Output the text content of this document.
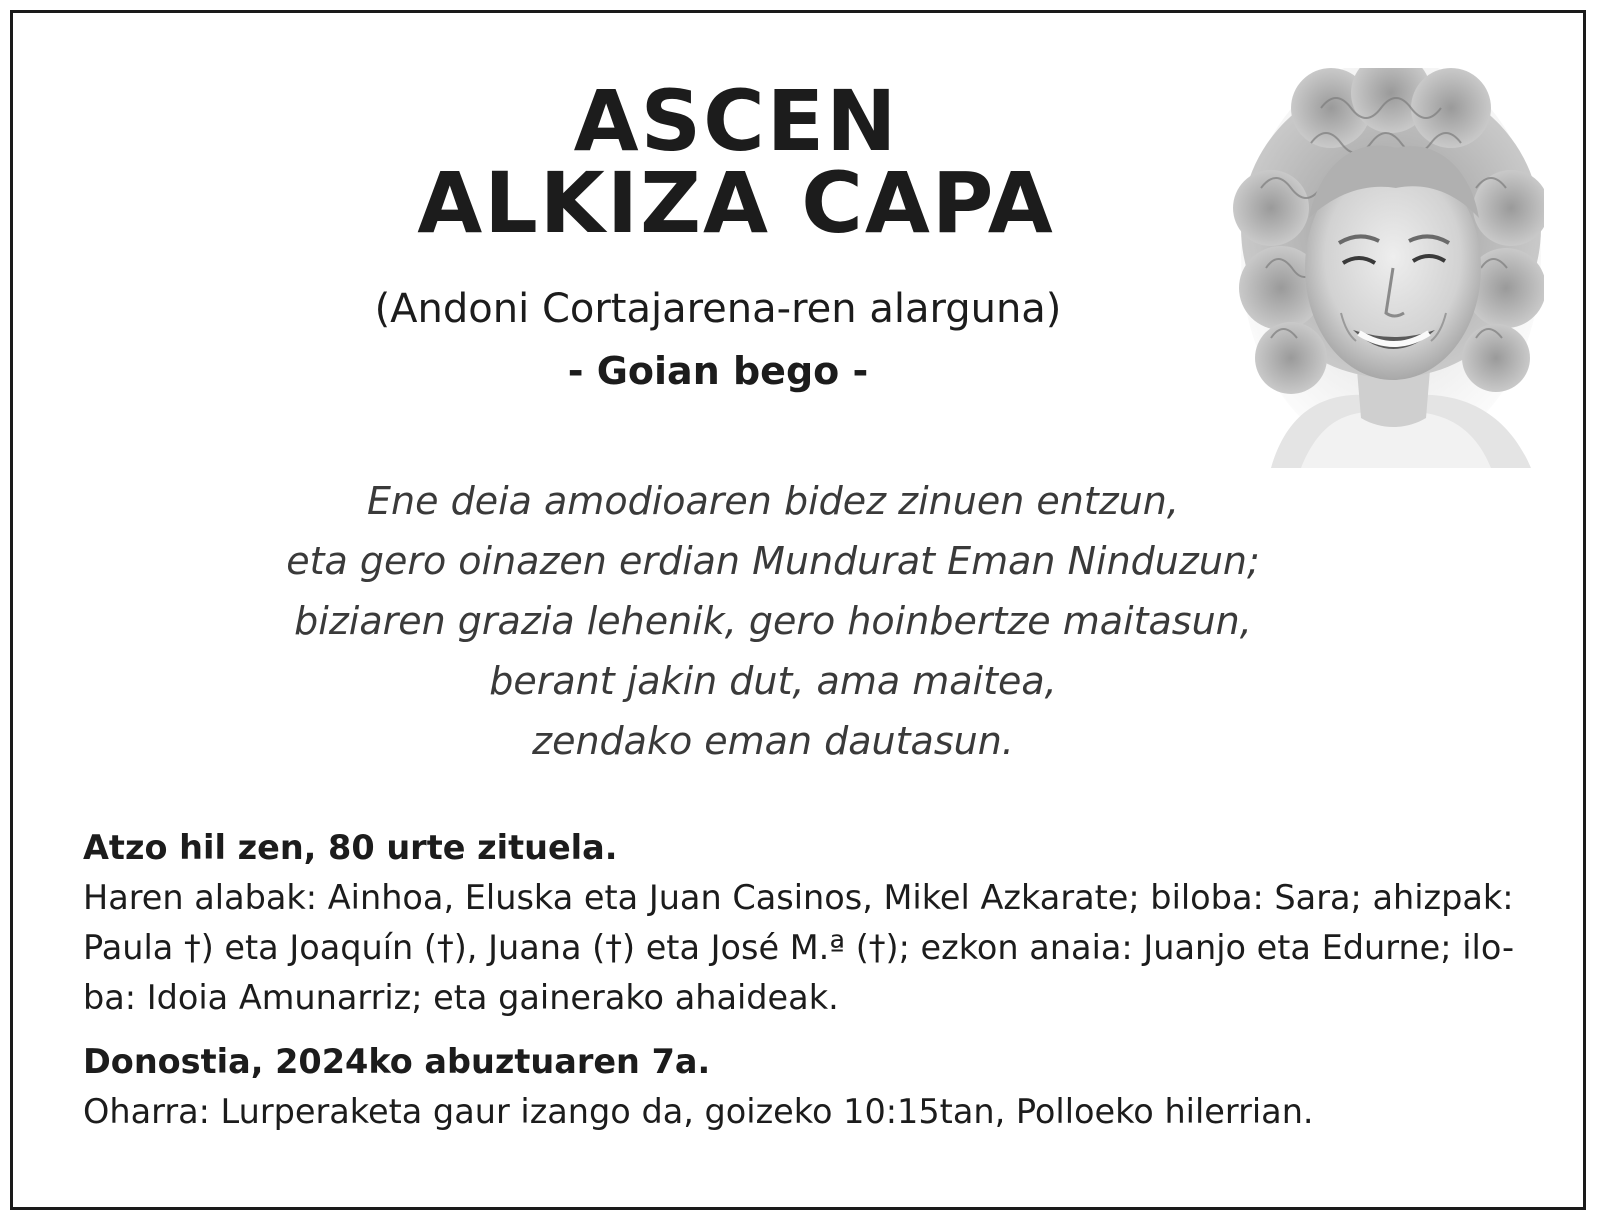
ASCEN
ALKIZA CAPA
(Andoni Cortajarena-ren alarguna)
- Goian bego -
Ene deia amodioaren bidez zinuen entzun,
eta gero oinazen erdian Mundurat Eman Ninduzun;
biziaren grazia lehenik, gero hoinbertze maitasun,
berant jakin dut, ama maitea,
zendako eman dautasun.
Atzo hil zen, 80 urte zituela.
Haren alabak: Ainhoa, Eluska eta Juan Casinos, Mikel Azkarate; biloba: Sara; ahizpak:
Paula †) eta Joaquín (†), Juana (†) eta José M.ª (†); ezkon anaia: Juanjo eta Edurne; ilo-
ba: Idoia Amunarriz; eta gainerako ahaideak.
Donostia, 2024ko abuztuaren 7a.
Oharra: Lurperaketa gaur izango da, goizeko 10:15tan, Polloeko hilerrian.
